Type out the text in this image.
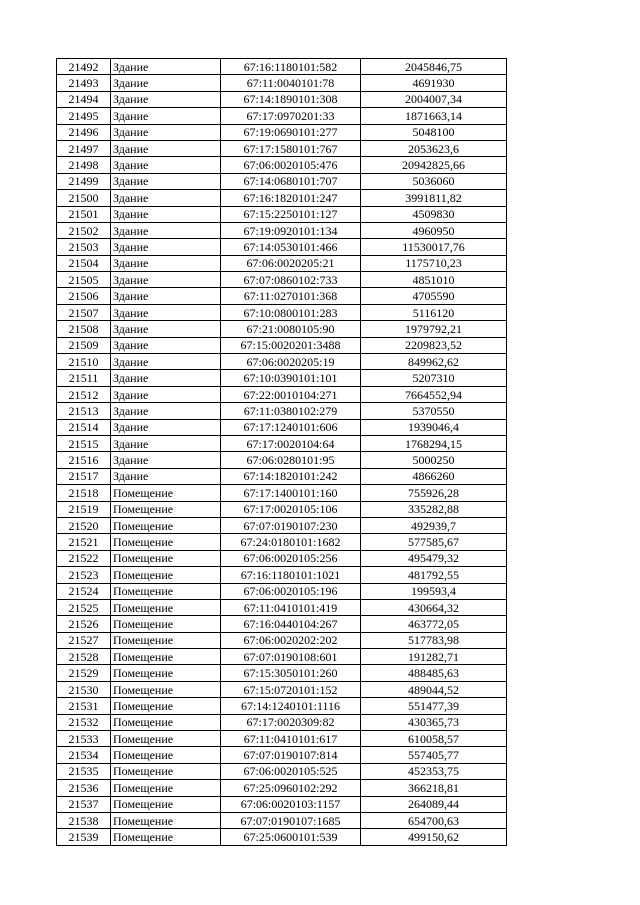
21492	Здание	67:16:1180101:582	2045846,75
21493	Здание	67:11:0040101:78	4691930
21494	Здание	67:14:1890101:308	2004007,34
21495	Здание	67:17:0970201:33	1871663,14
21496	Здание	67:19:0690101:277	5048100
21497	Здание	67:17:1580101:767	2053623,6
21498	Здание	67:06:0020105:476	20942825,66
21499	Здание	67:14:0680101:707	5036060
21500	Здание	67:16:1820101:247	3991811,82
21501	Здание	67:15:2250101:127	4509830
21502	Здание	67:19:0920101:134	4960950
21503	Здание	67:14:0530101:466	11530017,76
21504	Здание	67:06:0020205:21	1175710,23
21505	Здание	67:07:0860102:733	4851010
21506	Здание	67:11:0270101:368	4705590
21507	Здание	67:10:0800101:283	5116120
21508	Здание	67:21:0080105:90	1979792,21
21509	Здание	67:15:0020201:3488	2209823,52
21510	Здание	67:06:0020205:19	849962,62
21511	Здание	67:10:0390101:101	5207310
21512	Здание	67:22:0010104:271	7664552,94
21513	Здание	67:11:0380102:279	5370550
21514	Здание	67:17:1240101:606	1939046,4
21515	Здание	67:17:0020104:64	1768294,15
21516	Здание	67:06:0280101:95	5000250
21517	Здание	67:14:1820101:242	4866260
21518	Помещение	67:17:1400101:160	755926,28
21519	Помещение	67:17:0020105:106	335282,88
21520	Помещение	67:07:0190107:230	492939,7
21521	Помещение	67:24:0180101:1682	577585,67
21522	Помещение	67:06:0020105:256	495479,32
21523	Помещение	67:16:1180101:1021	481792,55
21524	Помещение	67:06:0020105:196	199593,4
21525	Помещение	67:11:0410101:419	430664,32
21526	Помещение	67:16:0440104:267	463772,05
21527	Помещение	67:06:0020202:202	517783,98
21528	Помещение	67:07:0190108:601	191282,71
21529	Помещение	67:15:3050101:260	488485,63
21530	Помещение	67:15:0720101:152	489044,52
21531	Помещение	67:14:1240101:1116	551477,39
21532	Помещение	67:17:0020309:82	430365,73
21533	Помещение	67:11:0410101:617	610058,57
21534	Помещение	67:07:0190107:814	557405,77
21535	Помещение	67:06:0020105:525	452353,75
21536	Помещение	67:25:0960102:292	366218,81
21537	Помещение	67:06:0020103:1157	264089,44
21538	Помещение	67:07:0190107:1685	654700,63
21539	Помещение	67:25:0600101:539	499150,62
